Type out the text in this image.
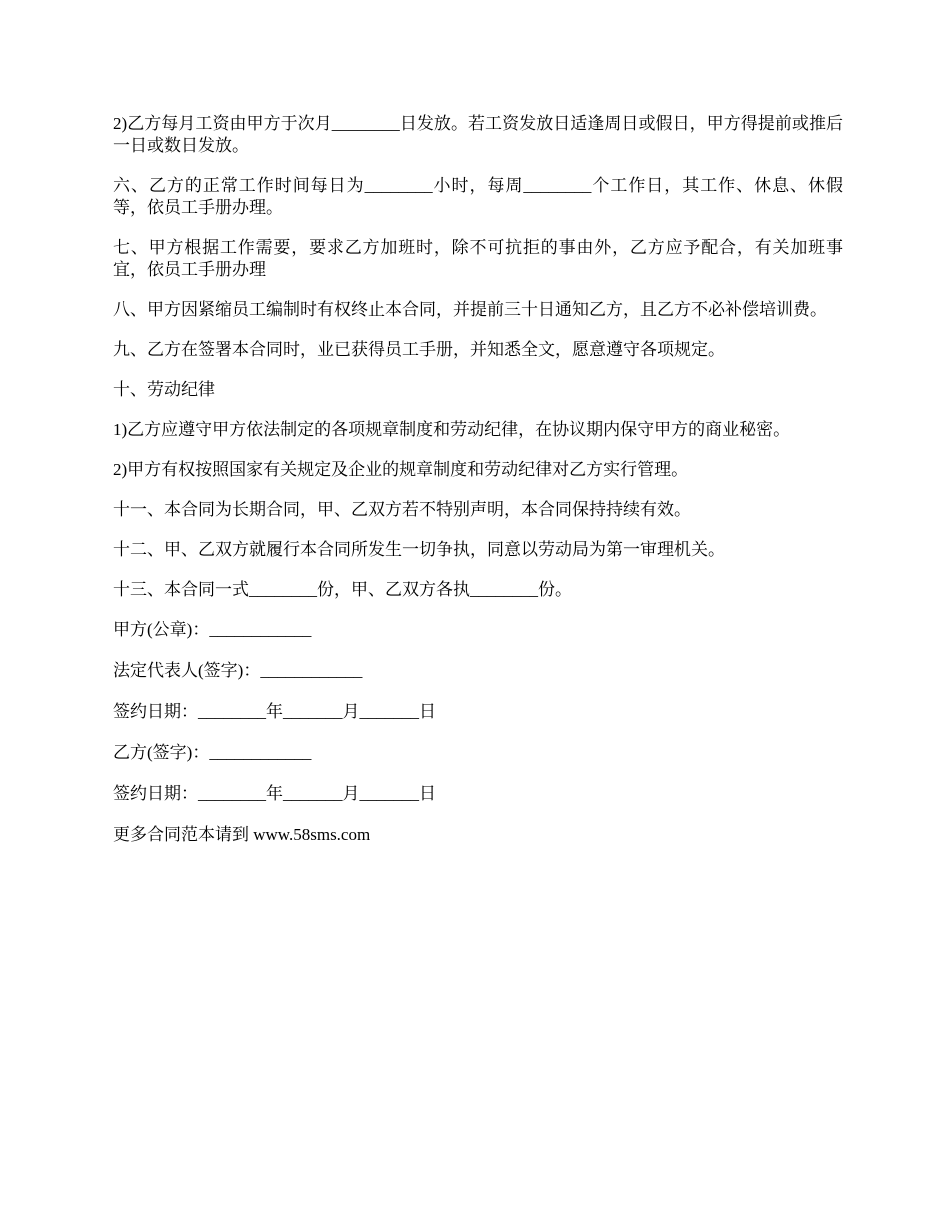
2)乙方每月工资由甲方于次月________日发放。若工资发放日适逢周日或假日，甲方得提前或推后一日或数日发放。

六、乙方的正常工作时间每日为________小时，每周________个工作日，其工作、休息、休假等，依员工手册办理。

七、甲方根据工作需要，要求乙方加班时，除不可抗拒的事由外，乙方应予配合，有关加班事宜，依员工手册办理

八、甲方因紧缩员工编制时有权终止本合同，并提前三十日通知乙方，且乙方不必补偿培训费。

九、乙方在签署本合同时，业已获得员工手册，并知悉全文，愿意遵守各项规定。

十、劳动纪律

1)乙方应遵守甲方依法制定的各项规章制度和劳动纪律，在协议期内保守甲方的商业秘密。

2)甲方有权按照国家有关规定及企业的规章制度和劳动纪律对乙方实行管理。

十一、本合同为长期合同，甲、乙双方若不特别声明，本合同保持持续有效。

十二、甲、乙双方就履行本合同所发生一切争执，同意以劳动局为第一审理机关。

十三、本合同一式________份，甲、乙双方各执________份。

甲方(公章)：____________

法定代表人(签字)：____________

签约日期：________年_______月_______日

乙方(签字)：____________

签约日期：________年_______月_______日

更多合同范本请到 www.58sms.com
